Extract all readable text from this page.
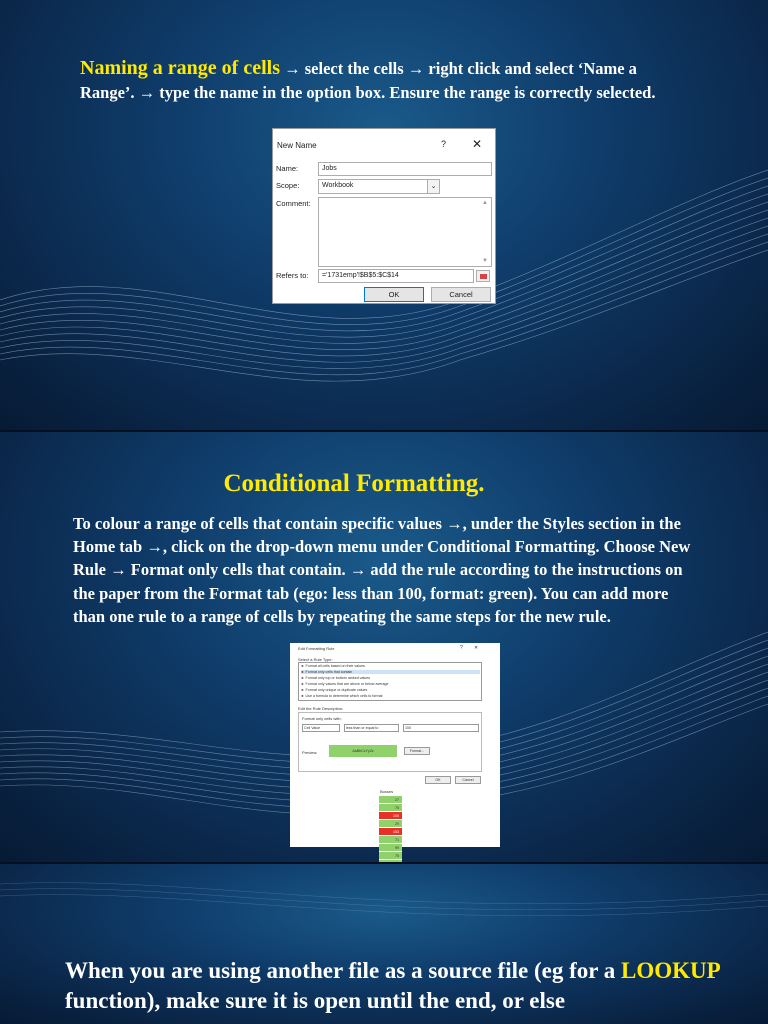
Naming a range of cells → select the cells → right click and select ‘Name a Range’. → type the name in the option box. Ensure the range is correctly selected.
New Name	? ✕
Name:	Jobs
Scope:	Workbook	⌄
Comment:	▲
▼
Refers to:	='1731emp'!$B$5:$C$14
OK	Cancel
Conditional Formatting.
To colour a range of cells that contain specific values →, under the Styles section in the Home tab →, click on the drop-down menu under Conditional Formatting. Choose New Rule → Format only cells that contain. → add the rule according to the instructions on the paper from the Format tab (ego: less than 100, format: green). You can add more than one rule to a range of cells by repeating the same steps for the new rule.
Edit Formatting Rule	? ✕
Select a Rule Type:
► Format all cells based on their values
► Format only cells that contain
► Format only top or bottom ranked values
► Format only values that are above or below average
► Format only unique or duplicate values
► Use a formula to determine which cells to format
Edit the Rule Description:
Format only cells with:
Cell Value	less than or equal to	100
Preview:	AaBbCcYyZz	Format...
OK	Cancel
Bosses
27
75
100
29
153
71
99
75
When you are using another file as a source file (eg for a LOOKUP function), make sure it is open until the end, or else
